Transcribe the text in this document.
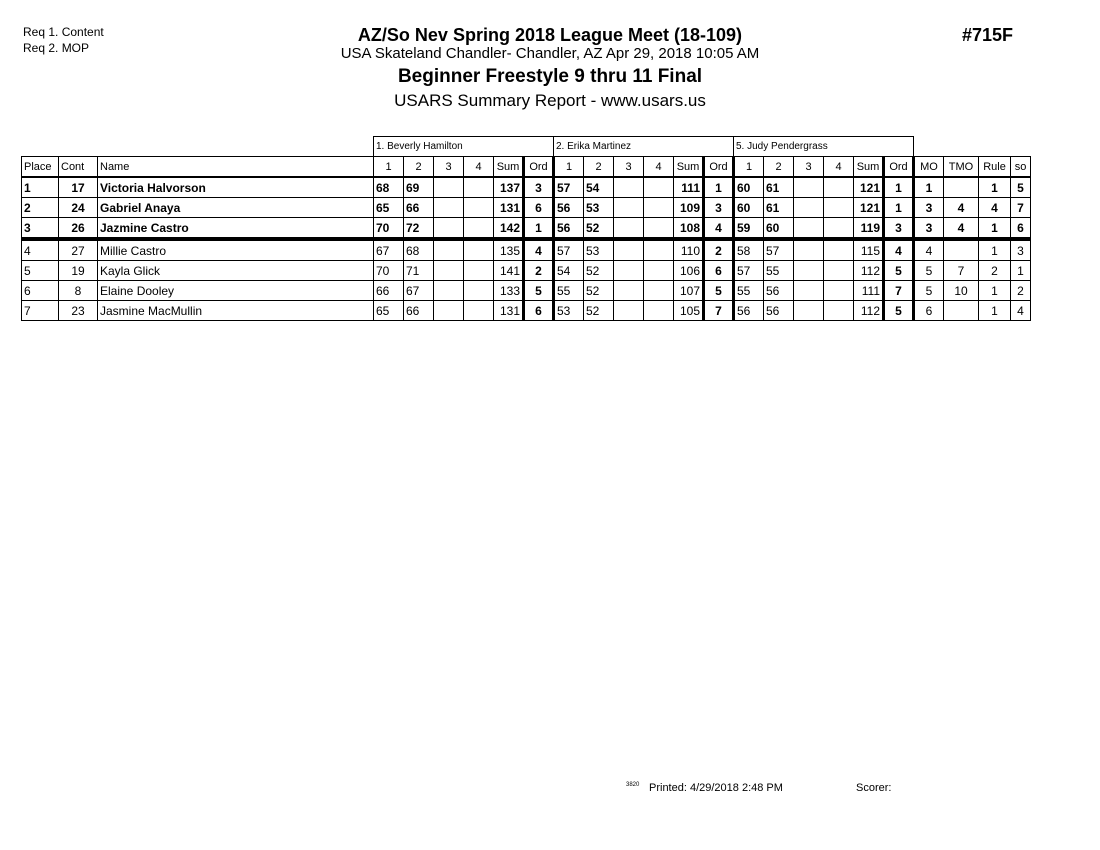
Req 1. Content
Req 2. MOP
AZ/So Nev Spring 2018 League Meet (18-109)
USA Skateland Chandler- Chandler, AZ Apr 29, 2018 10:05 AM
Beginner Freestyle 9 thru 11 Final
USARS Summary Report - www.usars.us
#715F
			1. Beverly Hamilton						2. Erika Martinez						5. Judy Pendergrass									
Place	Cont	Name	1	2	3	4	Sum	Ord	1	2	3	4	Sum	Ord	1	2	3	4	Sum	Ord	MO	TMO	Rule	so
1	17	Victoria Halvorson	68	69			137	3	57	54			111	1	60	61			121	1	1		1	5
2	24	Gabriel Anaya	65	66			131	6	56	53			109	3	60	61			121	1	3	4	4	7
3	26	Jazmine Castro	70	72			142	1	56	52			108	4	59	60			119	3	3	4	1	6
4	27	Millie Castro	67	68			135	4	57	53			110	2	58	57			115	4	4		1	3
5	19	Kayla Glick	70	71			141	2	54	52			106	6	57	55			112	5	5	7	2	1
6	8	Elaine Dooley	66	67			133	5	55	52			107	5	55	56			111	7	5	10	1	2
7	23	Jasmine MacMullin	65	66			131	6	53	52			105	7	56	56			112	5	6		1	4
3820 Printed: 4/29/2018 2:48 PM	Scorer:
